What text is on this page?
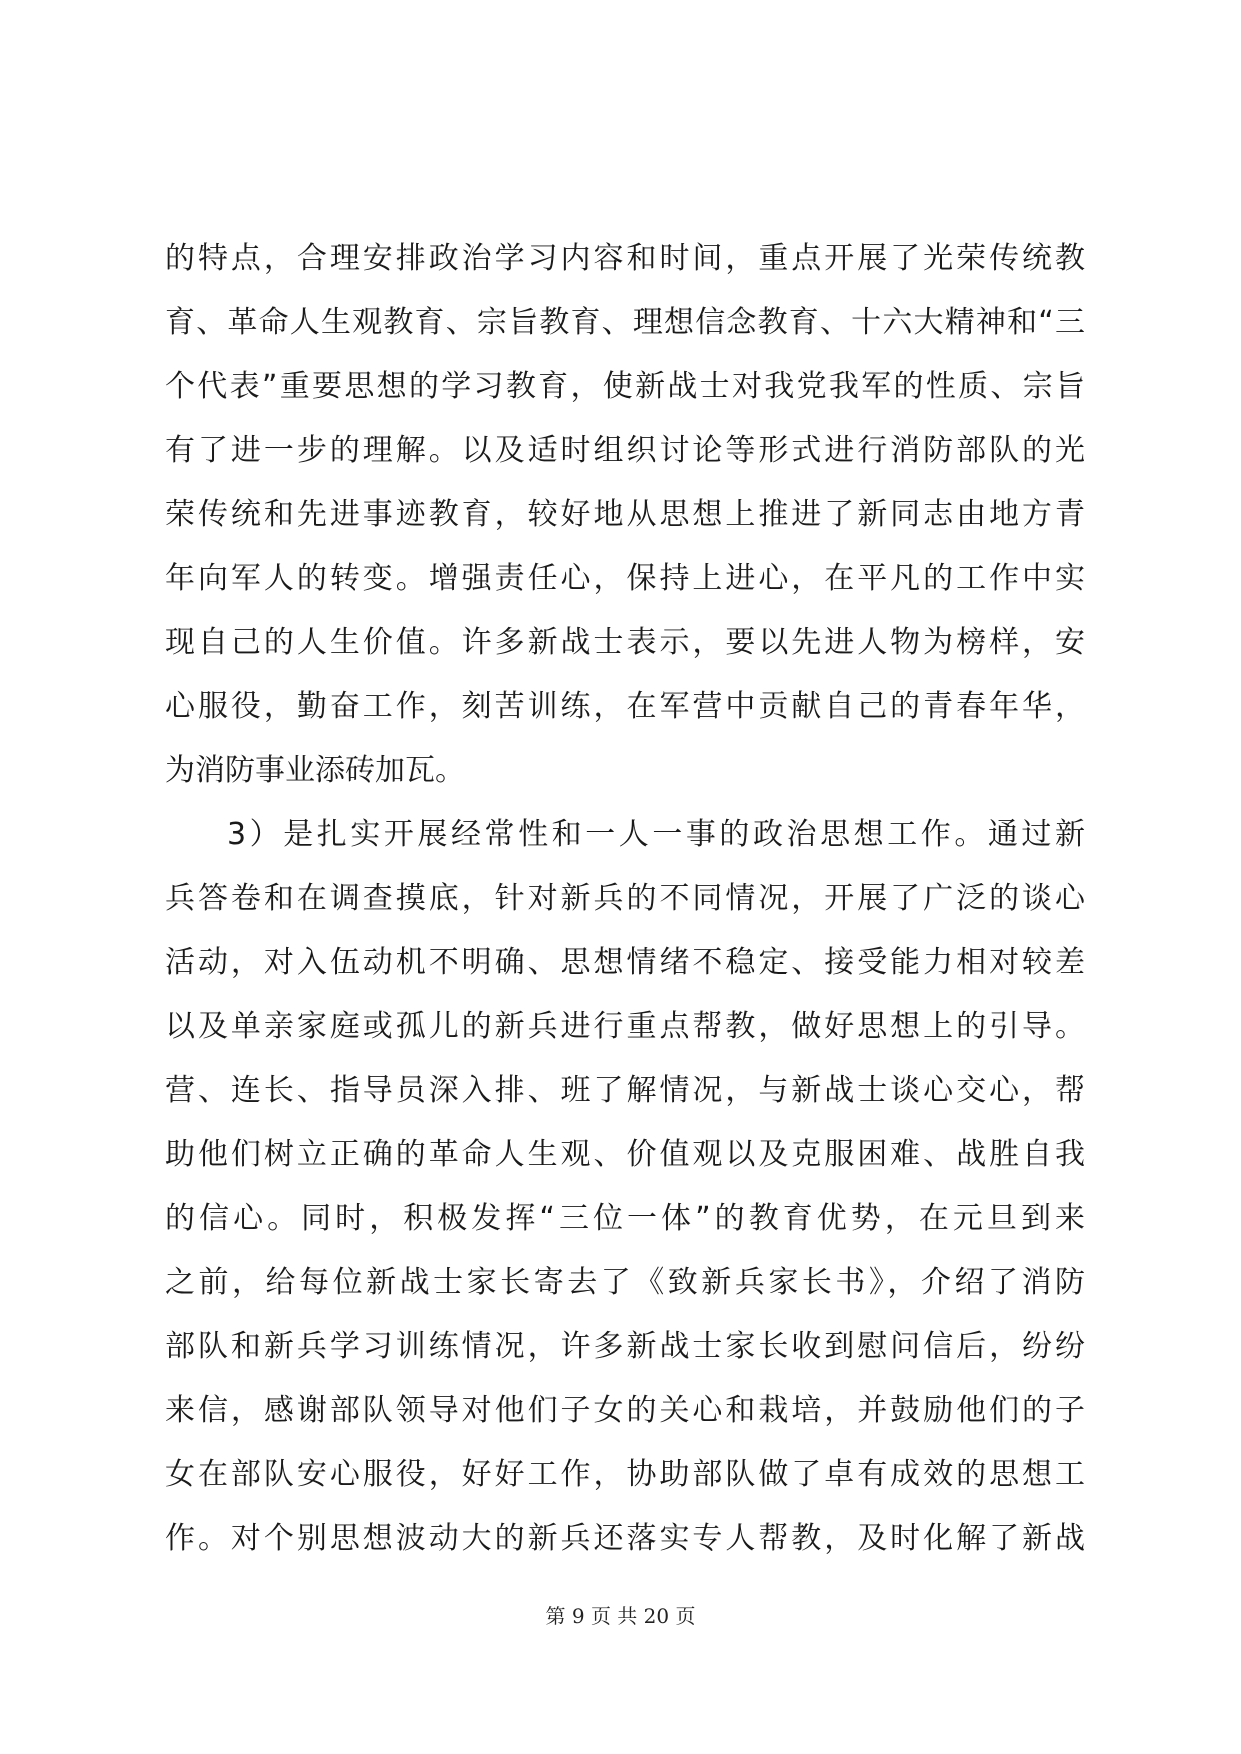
的特点，合理安排政治学习内容和时间，重点开展了光荣传统教
育、革命人生观教育、宗旨教育、理想信念教育、十六大精神和“三
个代表”重要思想的学习教育，使新战士对我党我军的性质、宗旨
有了进一步的理解。以及适时组织讨论等形式进行消防部队的光
荣传统和先进事迹教育，较好地从思想上推进了新同志由地方青
年向军人的转变。增强责任心，保持上进心，在平凡的工作中实
现自己的人生价值。许多新战士表示，要以先进人物为榜样，安
心服役，勤奋工作，刻苦训练，在军营中贡献自己的青春年华，
为消防事业添砖加瓦。
3）是扎实开展经常性和一人一事的政治思想工作。通过新
兵答卷和在调查摸底，针对新兵的不同情况，开展了广泛的谈心
活动，对入伍动机不明确、思想情绪不稳定、接受能力相对较差
以及单亲家庭或孤儿的新兵进行重点帮教，做好思想上的引导。
营、连长、指导员深入排、班了解情况，与新战士谈心交心，帮
助他们树立正确的革命人生观、价值观以及克服困难、战胜自我
的信心。同时，积极发挥“三位一体”的教育优势，在元旦到来
之前，给每位新战士家长寄去了《致新兵家长书》，介绍了消防
部队和新兵学习训练情况，许多新战士家长收到慰问信后，纷纷
来信，感谢部队领导对他们子女的关心和栽培，并鼓励他们的子
女在部队安心服役，好好工作，协助部队做了卓有成效的思想工
作。对个别思想波动大的新兵还落实专人帮教，及时化解了新战
第 9 页 共 20 页
